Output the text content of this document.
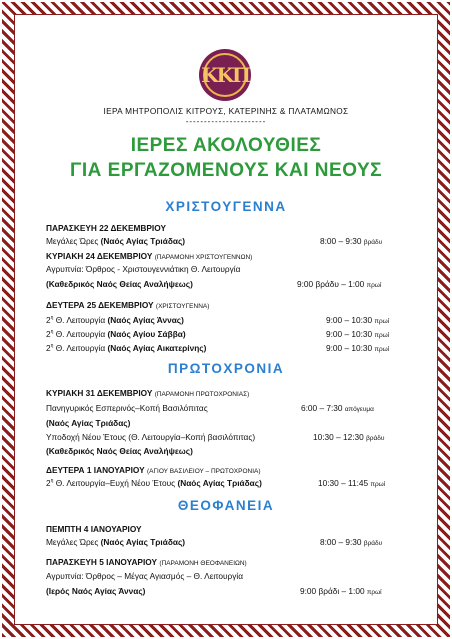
ΚΚΠ
ΙΕΡΑ ΜΗΤΡΟΠΟΛΙΣ ΚΙΤΡΟΥΣ, ΚΑΤΕΡΙΝΗΣ & ΠΛΑΤΑΜΩΝΟΣ
----------------------
ΙΕΡΕΣ ΑΚΟΛΟΥΘΙΕΣ
ΓΙΑ ΕΡΓΑΖΟΜΕΝΟΥΣ ΚΑΙ ΝΕΟΥΣ
ΧΡΙΣΤΟΥΓΕΝΝΑ
ΠΑΡΑΣΚΕΥΗ 22 ΔΕΚΕΜΒΡΙΟΥ
Μεγάλες Ώρες (Ναός Αγίας Τριάδας)	8:00 – 9:30 βράδυ
ΚΥΡΙΑΚΗ 24 ΔΕΚΕΜΒΡΙΟΥ (ΠΑΡΑΜΟΝΗ ΧΡΙΣΤΟΥΓΕΝΝΩΝ)
Αγρυπνία: Όρθρος - Χριστουγεννιάτικη Θ. Λειτουργία
(Καθεδρικός Ναός Θείας Αναλήψεως)	9:00 βράδυ – 1:00 πρωί
ΔΕΥΤΕΡΑ 25 ΔΕΚΕΜΒΡΙΟΥ (ΧΡΙΣΤΟΥΓΕΝΝΑ)
$2^\eta$ Θ. Λειτουργία (Ναός Αγίας Άννας)	9:00 – 10:30 πρωί
$2^\eta$ Θ. Λειτουργία (Ναός Αγίου Σάββα)	9:00 – 10:30 πρωί
$2^\eta$ Θ. Λειτουργία (Ναός Αγίας Αικατερίνης)	9:00 – 10:30 πρωί
ΠΡΩΤΟΧΡΟΝΙΑ
ΚΥΡΙΑΚΗ 31 ΔΕΚΕΜΒΡΙΟΥ (ΠΑΡΑΜΟΝΗ ΠΡΩΤΟΧΡΟΝΙΑΣ)
Πανηγυρικός Εσπερινός–Κοπή Βασιλόπιτας	6:00 – 7:30 απόγευμα
(Ναός Αγίας Τριάδας)
Υποδοχή Νέου Έτους (Θ. Λειτουργία–Κοπή βασιλόπιτας)	10:30 – 12:30 βράδυ
(Καθεδρικός Ναός Θείας Αναλήψεως)
ΔΕΥΤΕΡΑ 1 ΙΑΝΟΥΑΡΙΟΥ (ΑΓΙΟΥ ΒΑΣΙΛΕΙΟΥ – ΠΡΩΤΟΧΡΟΝΙΑ)
$2^\eta$ Θ. Λειτουργία–Ευχή Νέου Έτους (Ναός Αγίας Τριάδας)	10:30 – 11:45 πρωί
ΘΕΟΦΑΝΕΙΑ
ΠΕΜΠΤΗ 4 ΙΑΝΟΥΑΡΙΟΥ
Μεγάλες Ώρες (Ναός Αγίας Τριάδας)	8:00 – 9:30 βράδυ
ΠΑΡΑΣΚΕΥΗ 5 ΙΑΝΟΥΑΡΙΟΥ (ΠΑΡΑΜΟΝΗ ΘΕΟΦΑΝΕΙΩΝ)
Αγρυπνία: Όρθρος – Μέγας Αγιασμός – Θ. Λειτουργία
(Ιερός Ναός Αγίας Άννας)	9:00 βράδι – 1:00 πρωί
